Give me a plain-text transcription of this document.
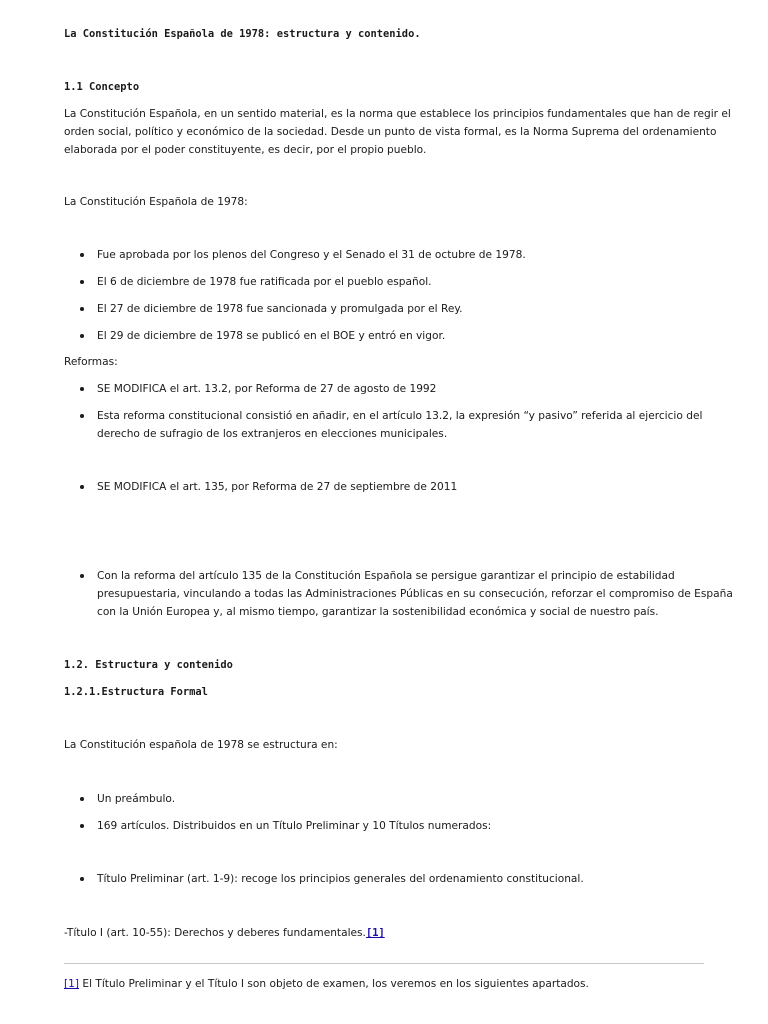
La Constitución Española de 1978: estructura y contenido.
1.1 Concepto
La Constitución Española, en un sentido material, es la norma que establece los principios fundamentales que han de regir el
orden social, político y económico de la sociedad. Desde un punto de vista formal, es la Norma Suprema del ordenamiento
elaborada por el poder constituyente, es decir, por el propio pueblo.
La Constitución Española de 1978:
Fue aprobada por los plenos del Congreso y el Senado el 31 de octubre de 1978.
El 6 de diciembre de 1978 fue ratificada por el pueblo español.
El 27 de diciembre de 1978 fue sancionada y promulgada por el Rey.
El 29 de diciembre de 1978 se publicó en el BOE y entró en vigor.
Reformas:
SE MODIFICA el art. 13.2, por Reforma de 27 de agosto de 1992
Esta reforma constitucional consistió en añadir, en el artículo 13.2, la expresión “y pasivo” referida al ejercicio del
derecho de sufragio de los extranjeros en elecciones municipales.
SE MODIFICA el art. 135, por Reforma de 27 de septiembre de 2011
Con la reforma del artículo 135 de la Constitución Española se persigue garantizar el principio de estabilidad
presupuestaria, vinculando a todas las Administraciones Públicas en su consecución, reforzar el compromiso de España
con la Unión Europea y, al mismo tiempo, garantizar la sostenibilidad económica y social de nuestro país.
1.2. Estructura y contenido
1.2.1.Estructura Formal
La Constitución española de 1978 se estructura en:
Un preámbulo.
169 artículos. Distribuidos en un Título Preliminar y 10 Títulos numerados:
Título Preliminar (art. 1-9): recoge los principios generales del ordenamiento constitucional.
-Título I (art. 10-55): Derechos y deberes fundamentales.[1]
[1] El Título Preliminar y el Título I son objeto de examen, los veremos en los siguientes apartados.
